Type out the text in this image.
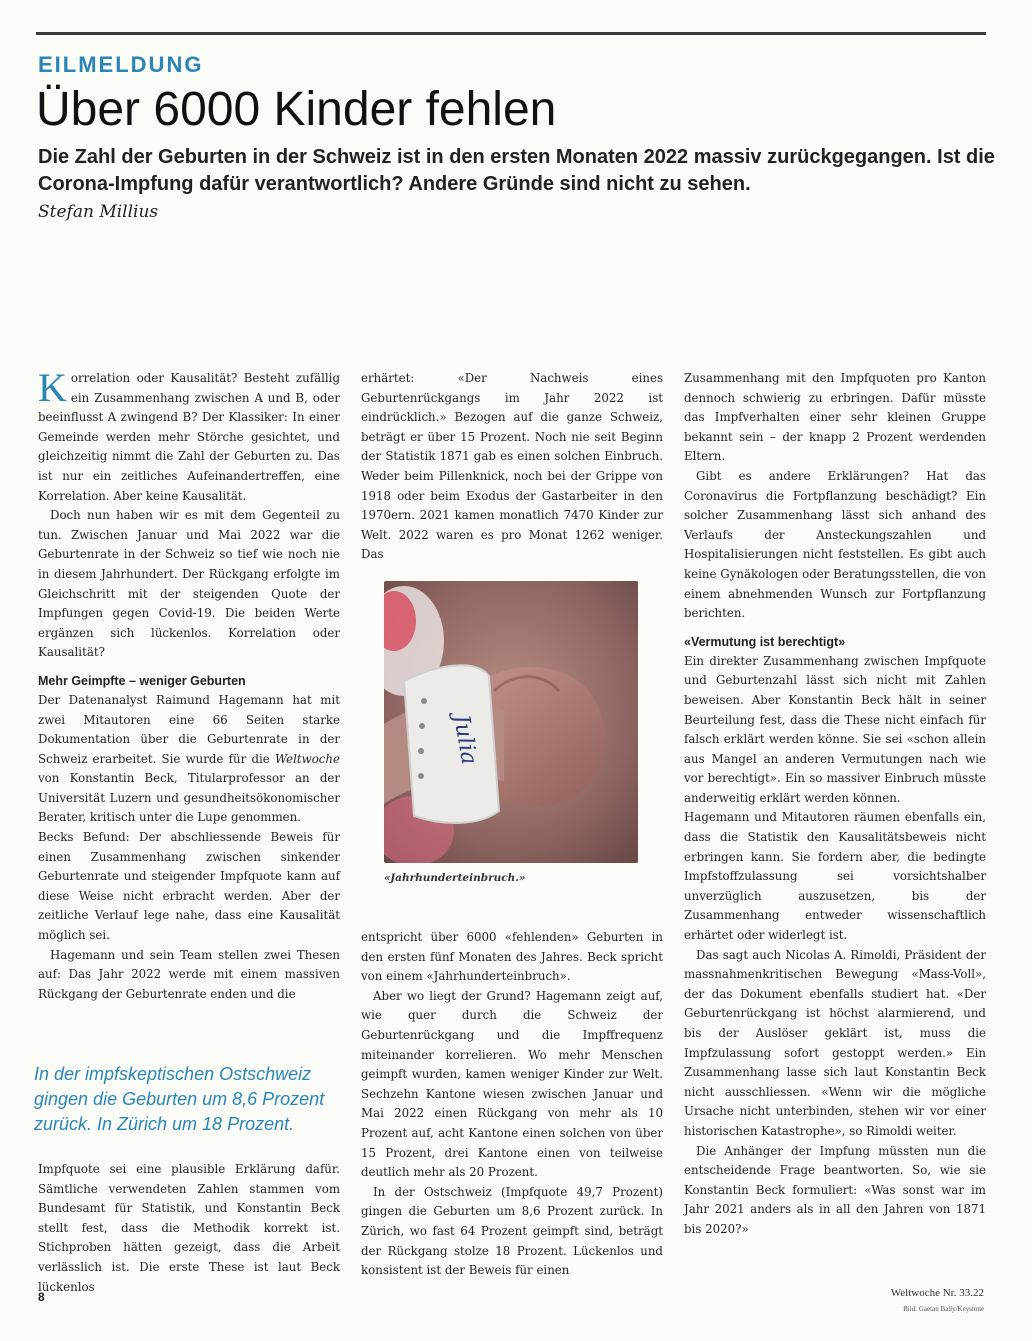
EILMELDUNG
Über 6000 Kinder fehlen
Die Zahl der Geburten in der Schweiz ist in den ersten Monaten 2022 massiv zurückgegangen. Ist die Corona-Impfung dafür verantwortlich? Andere Gründe sind nicht zu sehen.
Stefan Millius

Korrelation oder Kausalität? Besteht zufällig ein Zusammenhang zwischen A und B, oder beeinflusst A zwingend B? Der Klassiker: In einer Gemeinde werden mehr Störche gesichtet, und gleichzeitig nimmt die Zahl der Geburten zu. Das ist nur ein zeitliches Aufeinandertreffen, eine Korrelation. Aber keine Kausalität.

Doch nun haben wir es mit dem Gegenteil zu tun. Zwischen Januar und Mai 2022 war die Geburtenrate in der Schweiz so tief wie noch nie in diesem Jahrhundert. Der Rückgang erfolgte im Gleichschritt mit der steigenden Quote der Impfungen gegen Covid-19. Die beiden Werte ergänzen sich lückenlos. Korrelation oder Kausalität?

Mehr Geimpfte – weniger Geburten

Der Datenanalyst Raimund Hagemann hat mit zwei Mitautoren eine 66 Seiten starke Dokumentation über die Geburtenrate in der Schweiz erarbeitet. Sie wurde für die Weltwoche von Konstantin Beck, Titularprofessor an der Universität Luzern und gesundheitsökonomischer Berater, kritisch unter die Lupe genommen.

Becks Befund: Der abschliessende Beweis für einen Zusammenhang zwischen sinkender Geburtenrate und steigender Impfquote kann auf diese Weise nicht erbracht werden. Aber der zeitliche Verlauf lege nahe, dass eine Kausalität möglich sei.

Hagemann und sein Team stellen zwei Thesen auf: Das Jahr 2022 werde mit einem massiven Rückgang der Geburtenrate enden und die

In der impfskeptischen Ostschweiz gingen die Geburten um 8,6 Prozent zurück. In Zürich um 18 Prozent.

Impfquote sei eine plausible Erklärung dafür. Sämtliche verwendeten Zahlen stammen vom Bundesamt für Statistik, und Konstantin Beck stellt fest, dass die Methodik korrekt ist. Stichproben hätten gezeigt, dass die Arbeit verlässlich ist. Die erste These ist laut Beck lückenlos

erhärtet: «Der Nachweis eines Geburtenrückgangs im Jahr 2022 ist eindrücklich.» Bezogen auf die ganze Schweiz, beträgt er über 15 Prozent. Noch nie seit Beginn der Statistik 1871 gab es einen solchen Einbruch. Weder beim Pillenknick, noch bei der Grippe von 1918 oder beim Exodus der Gastarbeiter in den 1970ern. 2021 kamen monatlich 7470 Kinder zur Welt. 2022 waren es pro Monat 1262 weniger. Das

Julia
«Jahrhunderteinbruch.»

entspricht über 6000 «fehlenden» Geburten in den ersten fünf Monaten des Jahres. Beck spricht von einem «Jahrhunderteinbruch».

Aber wo liegt der Grund? Hagemann zeigt auf, wie quer durch die Schweiz der Geburtenrückgang und die Impffrequenz miteinander korrelieren. Wo mehr Menschen geimpft wurden, kamen weniger Kinder zur Welt. Sechzehn Kantone wiesen zwischen Januar und Mai 2022 einen Rückgang von mehr als 10 Prozent auf, acht Kantone einen solchen von über 15 Prozent, drei Kantone einen von teilweise deutlich mehr als 20 Prozent.

In der Ostschweiz (Impfquote 49,7 Prozent) gingen die Geburten um 8,6 Prozent zurück. In Zürich, wo fast 64 Prozent geimpft sind, beträgt der Rückgang stolze 18 Prozent. Lückenlos und konsistent ist der Beweis für einen

Zusammenhang mit den Impfquoten pro Kanton dennoch schwierig zu erbringen. Dafür müsste das Impfverhalten einer sehr kleinen Gruppe bekannt sein – der knapp 2 Prozent werdenden Eltern.

Gibt es andere Erklärungen? Hat das Coronavirus die Fortpflanzung beschädigt? Ein solcher Zusammenhang lässt sich anhand des Verlaufs der Ansteckungszahlen und Hospitalisierungen nicht feststellen. Es gibt auch keine Gynäkologen oder Beratungsstellen, die von einem abnehmenden Wunsch zur Fortpflanzung berichten.

«Vermutung ist berechtigt»

Ein direkter Zusammenhang zwischen Impfquote und Geburtenzahl lässt sich nicht mit Zahlen beweisen. Aber Konstantin Beck hält in seiner Beurteilung fest, dass die These nicht einfach für falsch erklärt werden könne. Sie sei «schon allein aus Mangel an anderen Vermutungen nach wie vor berechtigt». Ein so massiver Einbruch müsste anderweitig erklärt werden können.

Hagemann und Mitautoren räumen ebenfalls ein, dass die Statistik den Kausalitätsbeweis nicht erbringen kann. Sie fordern aber, die bedingte Impfstoffzulassung sei vorsichtshalber unverzüglich auszusetzen, bis der Zusammenhang entweder wissenschaftlich erhärtet oder widerlegt ist.

Das sagt auch Nicolas A. Rimoldi, Präsident der massnahmenkritischen Bewegung «Mass-Voll», der das Dokument ebenfalls studiert hat. «Der Geburtenrückgang ist höchst alarmierend, und bis der Auslöser geklärt ist, muss die Impfzulassung sofort gestoppt werden.» Ein Zusammenhang lasse sich laut Konstantin Beck nicht ausschliessen. «Wenn wir die mögliche Ursache nicht unterbinden, stehen wir vor einer historischen Katastrophe», so Rimoldi weiter.

Die Anhänger der Impfung müssten nun die entscheidende Frage beantworten. So, wie sie Konstantin Beck formuliert: «Was sonst war im Jahr 2021 anders als in all den Jahren von 1871 bis 2020?»

8	Weltwoche Nr. 33.22
Bild: Gaetan Bally/Keystone
